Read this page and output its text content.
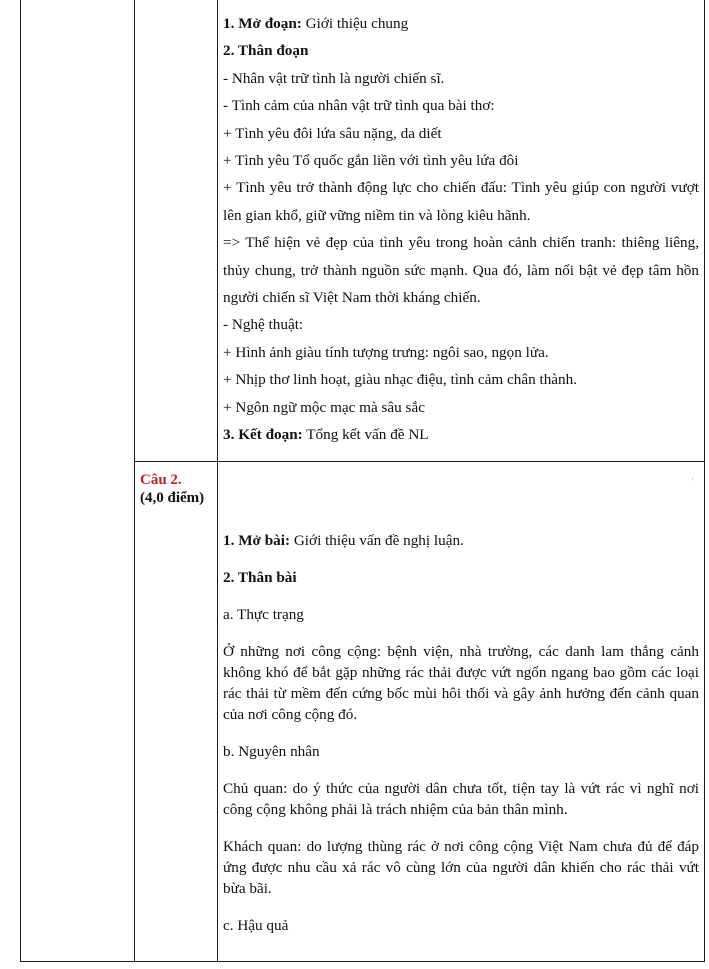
1. Mở đoạn: Giới thiệu chung

2. Thân đoạn

- Nhân vật trữ tình là người chiến sĩ.

- Tình cảm của nhân vật trữ tình qua bài thơ:

+ Tình yêu đôi lứa sâu nặng, da diết

+ Tình yêu Tổ quốc gắn liền với tình yêu lứa đôi

+ Tình yêu trở thành động lực cho chiến đấu: Tình yêu giúp con người vượt lên gian khổ, giữ vững niềm tin và lòng kiêu hãnh.

=> Thể hiện vẻ đẹp của tình yêu trong hoàn cảnh chiến tranh: thiêng liêng, thủy chung, trở thành nguồn sức mạnh. Qua đó, làm nổi bật vẻ đẹp tâm hồn người chiến sĩ Việt Nam thời kháng chiến.

- Nghệ thuật:

+ Hình ảnh giàu tính tượng trưng: ngôi sao, ngọn lửa.

+ Nhịp thơ linh hoạt, giàu nhạc điệu, tình cảm chân thành.

+ Ngôn ngữ mộc mạc mà sâu sắc

3. Kết đoạn: Tổng kết vấn đề NL

Câu 2.
(4,0 điểm)

1. Mở bài: Giới thiệu vấn đề nghị luận.

2. Thân bài

a. Thực trạng

Ở những nơi công cộng: bệnh viện, nhà trường, các danh lam thắng cảnh không khó để bắt gặp những rác thải được vứt ngổn ngang bao gồm các loại rác thải từ mềm đến cứng bốc mùi hôi thối và gây ảnh hưởng đến cảnh quan của nơi công cộng đó.

b. Nguyên nhân

Chủ quan: do ý thức của người dân chưa tốt, tiện tay là vứt rác vì nghĩ nơi công cộng không phải là trách nhiệm của bản thân mình.

Khách quan: do lượng thùng rác ở nơi công cộng Việt Nam chưa đủ để đáp ứng được nhu cầu xả rác vô cùng lớn của người dân khiến cho rác thải vứt bừa bãi.

c. Hậu quả

'
